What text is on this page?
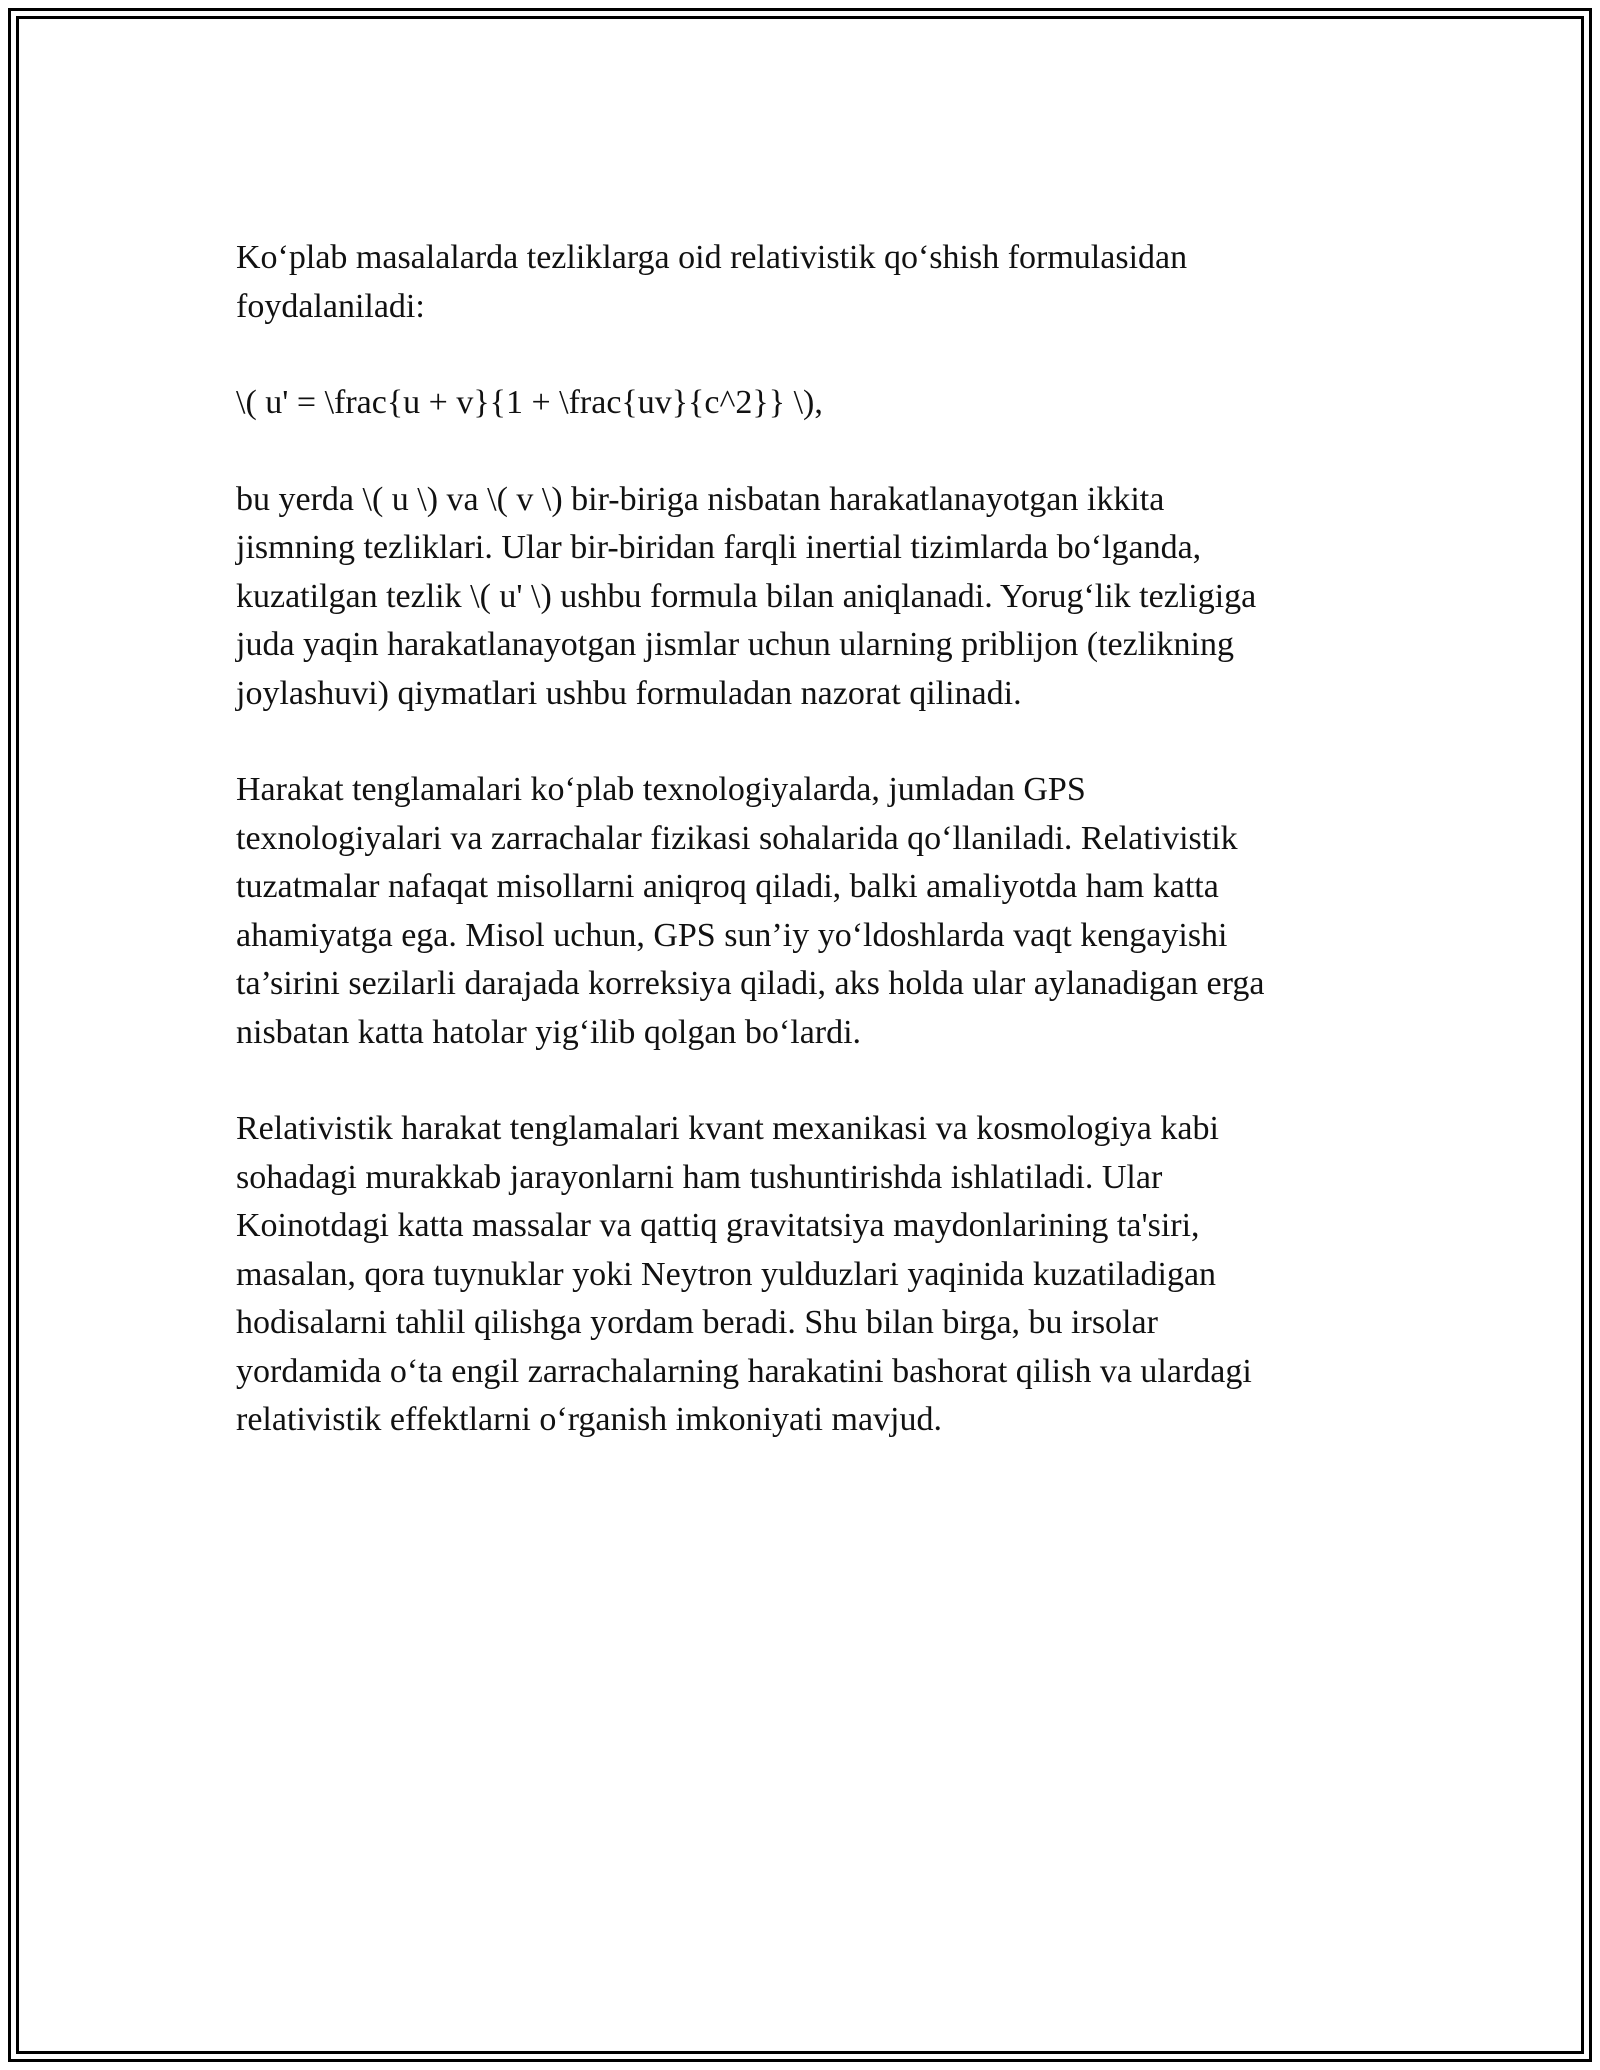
Ko‘plab masalalarda tezliklarga oid relativistik qo‘shish formulasidan
foydalaniladi:

\( u' = \frac{u + v}{1 + \frac{uv}{c^2}} \),

bu yerda \( u \) va \( v \) bir-biriga nisbatan harakatlanayotgan ikkita
jismning tezliklari. Ular bir-biridan farqli inertial tizimlarda bo‘lganda,
kuzatilgan tezlik \( u' \) ushbu formula bilan aniqlanadi. Yorug‘lik tezligiga
juda yaqin harakatlanayotgan jismlar uchun ularning priblijon (tezlikning
joylashuvi) qiymatlari ushbu formuladan nazorat qilinadi.

Harakat tenglamalari ko‘plab texnologiyalarda, jumladan GPS
texnologiyalari va zarrachalar fizikasi sohalarida qo‘llaniladi. Relativistik
tuzatmalar nafaqat misollarni aniqroq qiladi, balki amaliyotda ham katta
ahamiyatga ega. Misol uchun, GPS sun’iy yo‘ldoshlarda vaqt kengayishi
ta’sirini sezilarli darajada korreksiya qiladi, aks holda ular aylanadigan erga
nisbatan katta hatolar yig‘ilib qolgan bo‘lardi.

Relativistik harakat tenglamalari kvant mexanikasi va kosmologiya kabi
sohadagi murakkab jarayonlarni ham tushuntirishda ishlatiladi. Ular
Koinotdagi katta massalar va qattiq gravitatsiya maydonlarining ta'siri,
masalan, qora tuynuklar yoki Neytron yulduzlari yaqinida kuzatiladigan
hodisalarni tahlil qilishga yordam beradi. Shu bilan birga, bu irsolar
yordamida o‘ta engil zarrachalarning harakatini bashorat qilish va ulardagi
relativistik effektlarni o‘rganish imkoniyati mavjud.
